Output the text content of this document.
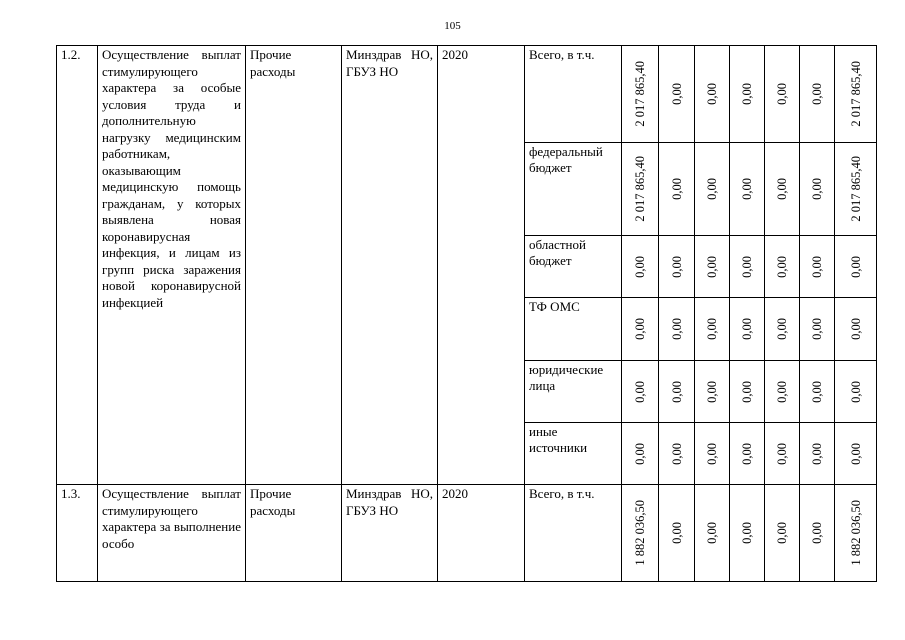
105
1.2.	Осуществление выплат стимулирующего характера за особые условия труда и дополнительную нагрузку медицинским работникам, оказывающим медицинскую помощь гражданам, у которых выявлена новая коронавирусная инфекция, и лицам из групп риска заражения новой коронавирусной инфекцией	Прочие расходы	Минздрав НО, ГБУЗ НО	2020	Всего, в т.ч.	2 017 865,40	0,00	0,00	0,00	0,00	0,00	2 017 865,40

					федеральный бюджет	2 017 865,40	0,00	0,00	0,00	0,00	0,00	2 017 865,40

					областной бюджет	0,00	0,00	0,00	0,00	0,00	0,00	0,00

					ТФ ОМС	0,00	0,00	0,00	0,00	0,00	0,00	0,00

					юридические лица	0,00	0,00	0,00	0,00	0,00	0,00	0,00

					иные источники	0,00	0,00	0,00	0,00	0,00	0,00	0,00

1.3.	Осуществление выплат стимулирующего характера за выполнение особо	Прочие расходы	Минздрав НО, ГБУЗ НО	2020	Всего, в т.ч.	1 882 036,50	0,00	0,00	0,00	0,00	0,00	1 882 036,50
